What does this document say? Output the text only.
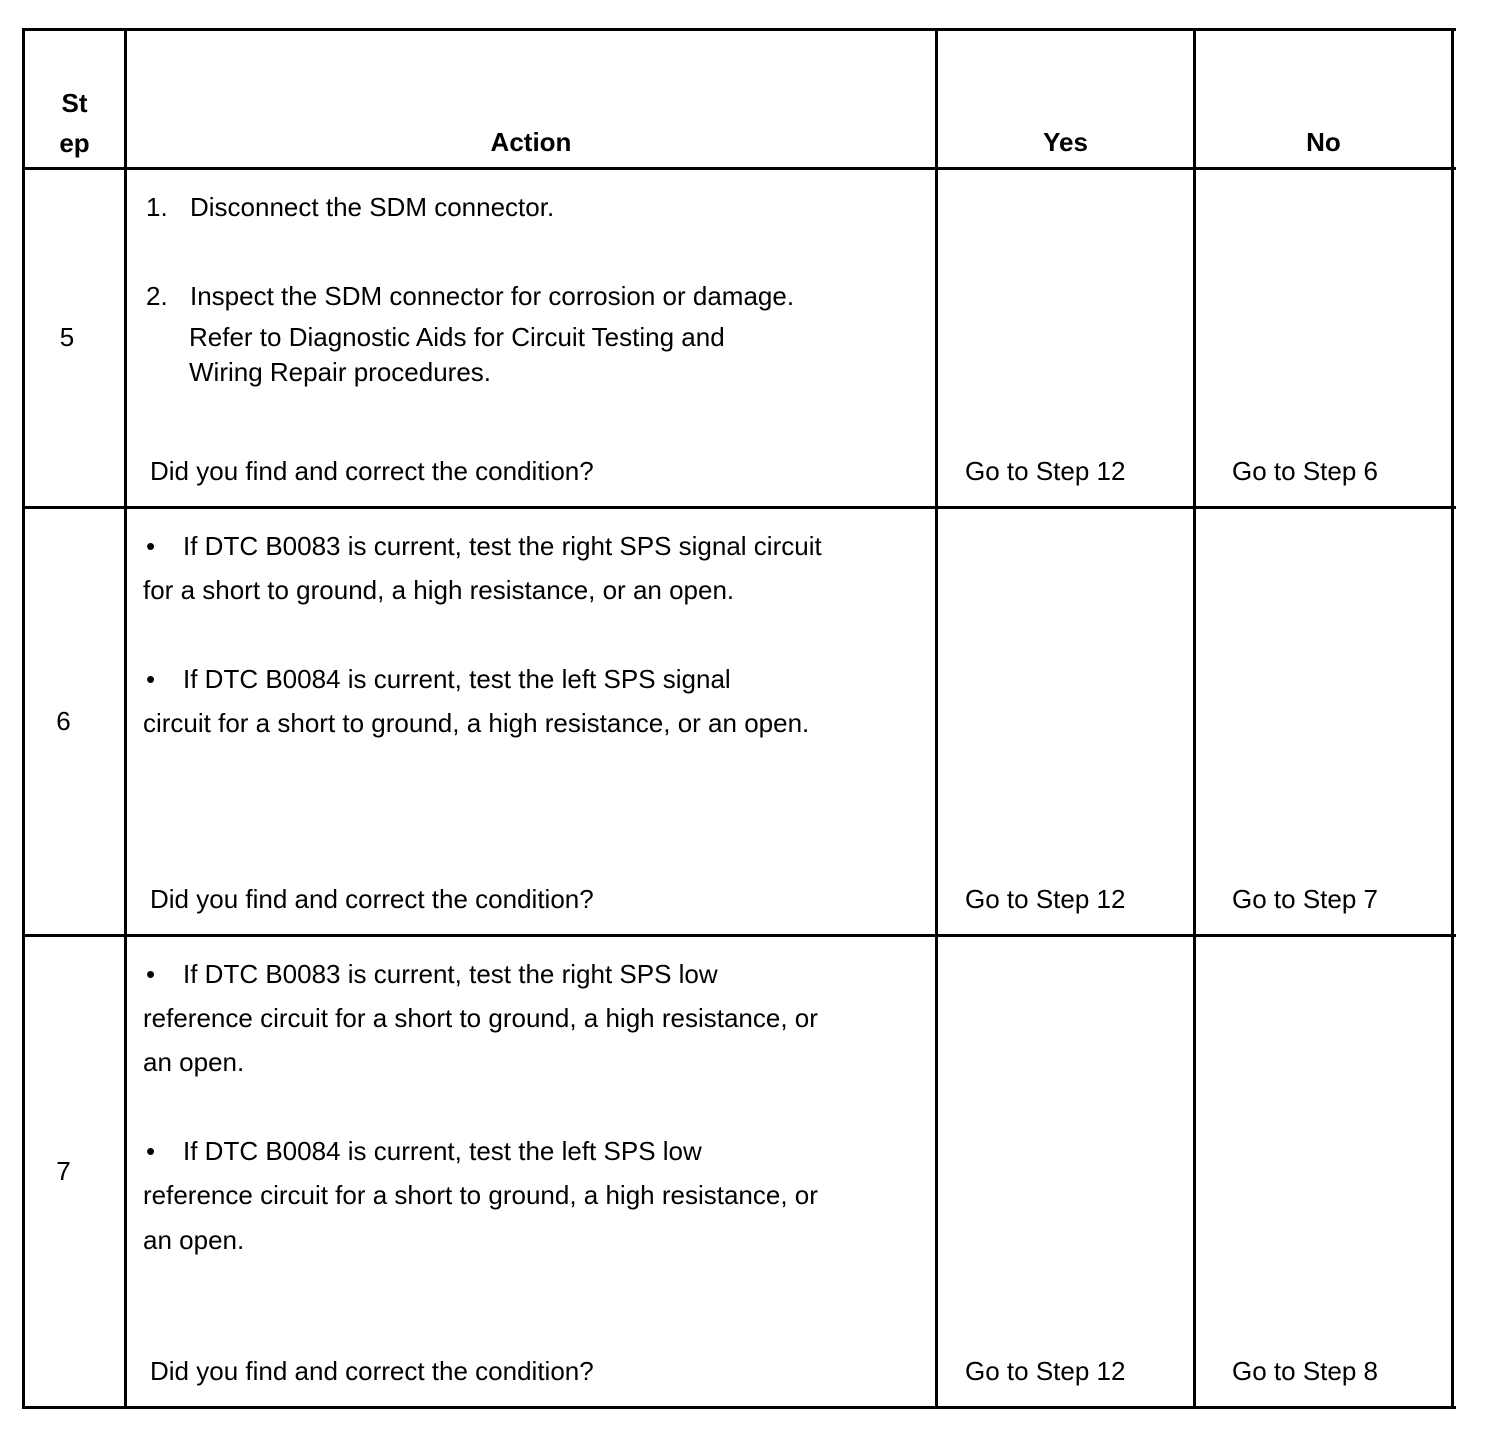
St
ep	Action	Yes	No
5
1. Disconnect the SDM connector.
2. Inspect the SDM connector for corrosion or damage.
Refer to Diagnostic Aids for Circuit Testing and
Wiring Repair procedures.
Did you find and correct the condition?	Go to Step 12	Go to Step 6
6
• If DTC B0083 is current, test the right SPS signal circuit
for a short to ground, a high resistance, or an open.
• If DTC B0084 is current, test the left SPS signal
circuit for a short to ground, a high resistance, or an open.
Did you find and correct the condition?	Go to Step 12	Go to Step 7
7
• If DTC B0083 is current, test the right SPS low
reference circuit for a short to ground, a high resistance, or
an open.
• If DTC B0084 is current, test the left SPS low
reference circuit for a short to ground, a high resistance, or
an open.
Did you find and correct the condition?	Go to Step 12	Go to Step 8
